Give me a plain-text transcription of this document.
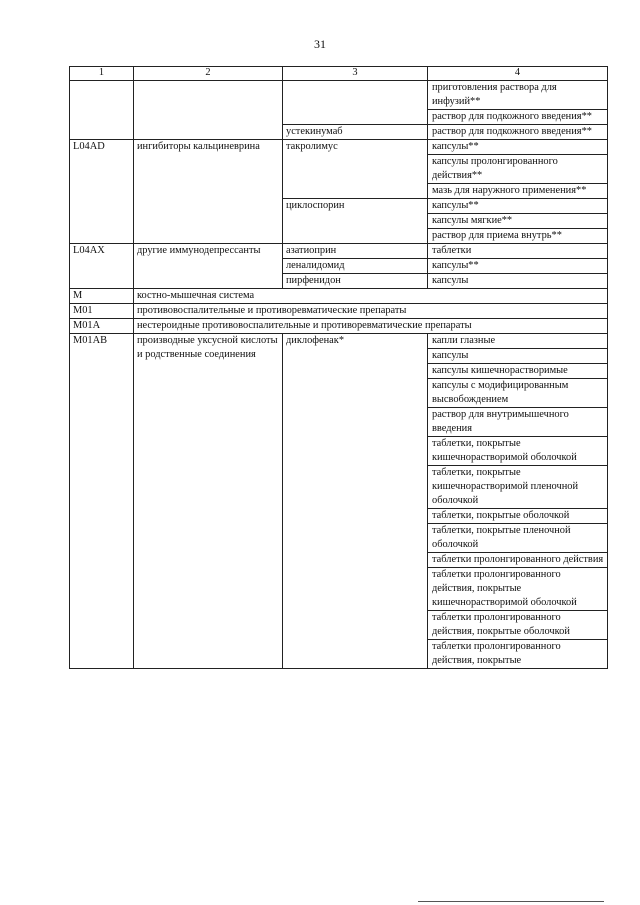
31
1	2	3	4
			приготовления раствора для инфузий**
			раствор для подкожного введения**
		устекинумаб	раствор для подкожного введения**
L04AD	ингибиторы кальциневрина	такролимус	капсулы**
			капсулы пролонгированного действия**
			мазь для наружного применения**
		циклоспорин	капсулы**
			капсулы мягкие**
			раствор для приема внутрь**
L04AX	другие иммунодепрессанты	азатиоприн	таблетки
		леналидомид	капсулы**
		пирфенидон	капсулы
M	костно-мышечная система		
M01	противовоспалительные и противоревматические препараты		
M01A	нестероидные противовоспалительные и противоревматические препараты		
M01AB	производные уксусной кислоты и родственные соединения	диклофенак*	капли глазные
			капсулы
			капсулы кишечнорастворимые
			капсулы с модифицированным высвобождением
			раствор для внутримышечного введения
			таблетки, покрытые кишечнорастворимой оболочкой
			таблетки, покрытые кишечнорастворимой пленочной оболочкой
			таблетки, покрытые оболочкой
			таблетки, покрытые пленочной оболочкой
			таблетки пролонгированного действия
			таблетки пролонгированного действия, покрытые кишечнорастворимой оболочкой
			таблетки пролонгированного действия, покрытые оболочкой
			таблетки пролонгированного действия, покрытые
